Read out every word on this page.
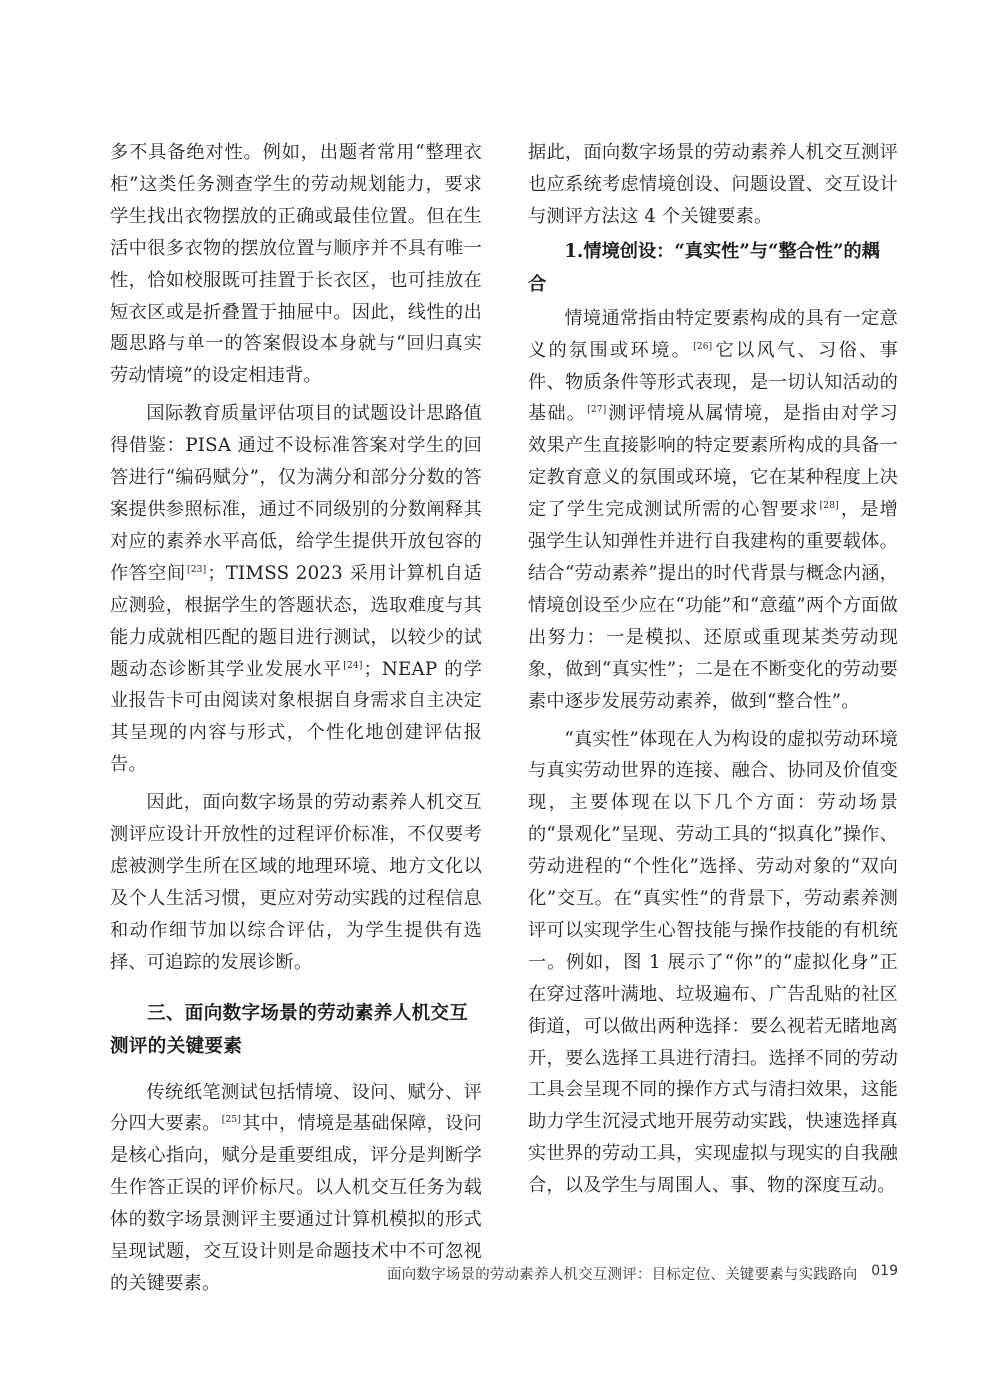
多不具备绝对性。例如，出题者常用“整理衣柜”这类任务测查学生的劳动规划能力，要求学生找出衣物摆放的正确或最佳位置。但在生活中很多衣物的摆放位置与顺序并不具有唯一性，恰如校服既可挂置于长衣区，也可挂放在短衣区或是折叠置于抽屉中。因此，线性的出题思路与单一的答案假设本身就与“回归真实劳动情境”的设定相违背。

国际教育质量评估项目的试题设计思路值得借鉴：PISA 通过不设标准答案对学生的回答进行“编码赋分”，仅为满分和部分分数的答案提供参照标准，通过不同级别的分数阐释其对应的素养水平高低，给学生提供开放包容的作答空间[23]；TIMSS 2023 采用计算机自适应测验，根据学生的答题状态，选取难度与其能力成就相匹配的题目进行测试，以较少的试题动态诊断其学业发展水平[24]；NEAP 的学业报告卡可由阅读对象根据自身需求自主决定其呈现的内容与形式，个性化地创建评估报告。

因此，面向数字场景的劳动素养人机交互测评应设计开放性的过程评价标准，不仅要考虑被测学生所在区域的地理环境、地方文化以及个人生活习惯，更应对劳动实践的过程信息和动作细节加以综合评估，为学生提供有选择、可追踪的发展诊断。

三、面向数字场景的劳动素养人机交互测评的关键要素

传统纸笔测试包括情境、设问、赋分、评分四大要素。[25]其中，情境是基础保障，设问是核心指向，赋分是重要组成，评分是判断学生作答正误的评价标尺。以人机交互任务为载体的数字场景测评主要通过计算机模拟的形式呈现试题，交互设计则是命题技术中不可忽视的关键要素。

据此，面向数字场景的劳动素养人机交互测评也应系统考虑情境创设、问题设置、交互设计与测评方法这 4 个关键要素。

1.情境创设：“真实性”与“整合性”的耦合

情境通常指由特定要素构成的具有一定意义的氛围或环境。[26]它以风气、习俗、事件、物质条件等形式表现，是一切认知活动的基础。[27]测评情境从属情境，是指由对学习效果产生直接影响的特定要素所构成的具备一定教育意义的氛围或环境，它在某种程度上决定了学生完成测试所需的心智要求[28]，是增强学生认知弹性并进行自我建构的重要载体。结合“劳动素养”提出的时代背景与概念内涵，情境创设至少应在“功能”和“意蕴”两个方面做出努力：一是模拟、还原或重现某类劳动现象，做到“真实性”；二是在不断变化的劳动要素中逐步发展劳动素养，做到“整合性”。

“真实性”体现在人为构设的虚拟劳动环境与真实劳动世界的连接、融合、协同及价值变现，主要体现在以下几个方面：劳动场景的“景观化”呈现、劳动工具的“拟真化”操作、劳动进程的“个性化”选择、劳动对象的“双向化”交互。在“真实性”的背景下，劳动素养测评可以实现学生心智技能与操作技能的有机统一。例如，图 1 展示了“你”的“虚拟化身”正在穿过落叶满地、垃圾遍布、广告乱贴的社区街道，可以做出两种选择：要么视若无睹地离开，要么选择工具进行清扫。选择不同的劳动工具会呈现不同的操作方式与清扫效果，这能助力学生沉浸式地开展劳动实践，快速选择真实世界的劳动工具，实现虚拟与现实的自我融合，以及学生与周围人、事、物的深度互动。

面向数字场景的劳动素养人机交互测评：目标定位、关键要素与实践路向 019
